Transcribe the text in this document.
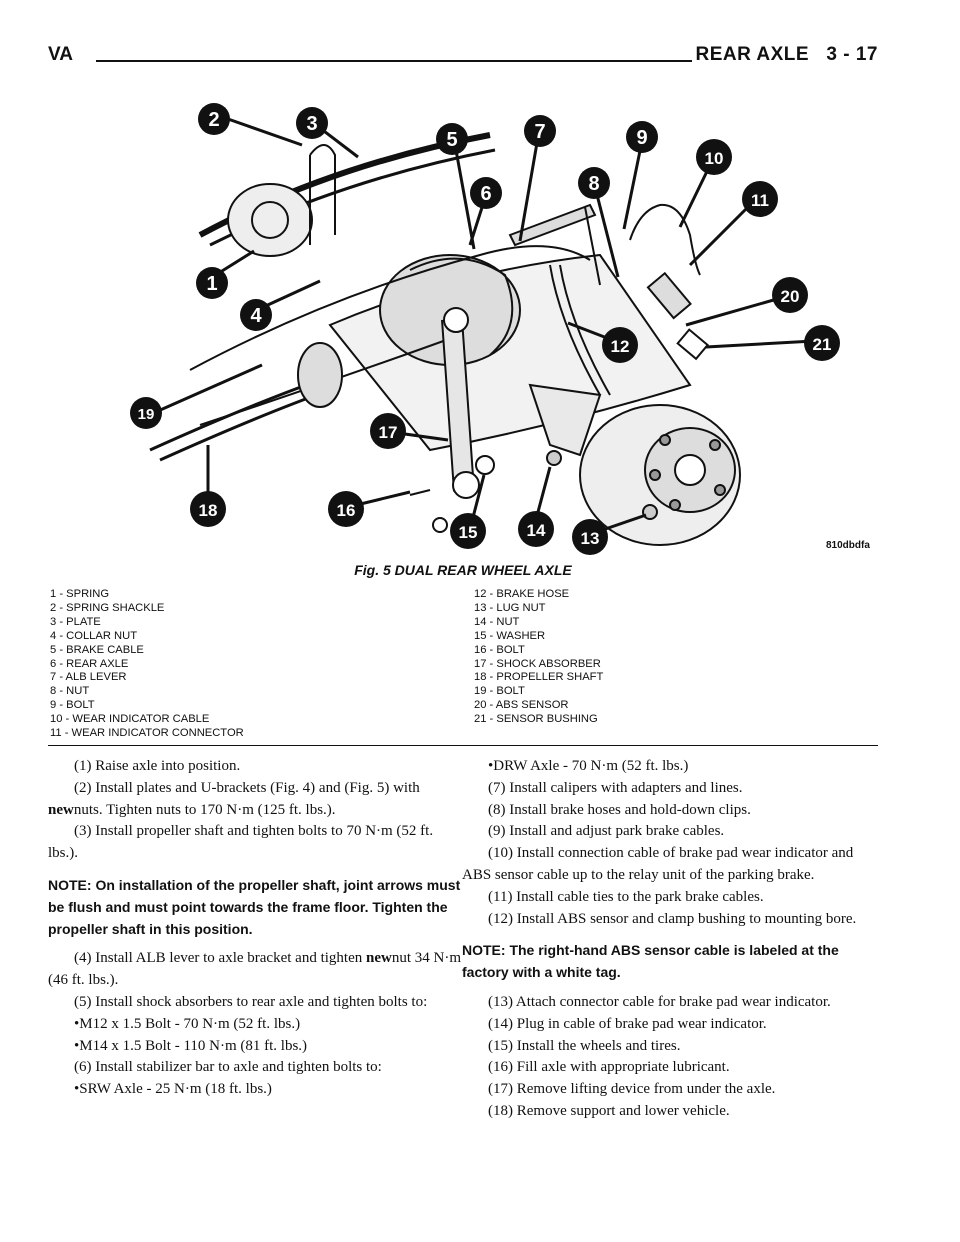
VA	REAR AXLE   3 - 17
1
2	3
4
5
6
7
8
9
10
11
12
13
14
15
16
17
18
19
20
21
810dbdfa
Fig. 5 DUAL REAR WHEEL AXLE
1 - SPRING
2 - SPRING SHACKLE
3 - PLATE
4 - COLLAR NUT
5 - BRAKE CABLE
6 - REAR AXLE
7 - ALB LEVER
8 - NUT
9 - BOLT
10 - WEAR INDICATOR CABLE
11 - WEAR INDICATOR CONNECTOR
12 - BRAKE HOSE
13 - LUG NUT
14 - NUT
15 - WASHER
16 - BOLT
17 - SHOCK ABSORBER
18 - PROPELLER SHAFT
19 - BOLT
20 - ABS SENSOR
21 - SENSOR BUSHING

(1) Raise axle into position.

(2) Install plates and U-brackets (Fig. 4) and (Fig. 5) with newnuts. Tighten nuts to 170 N·m (125 ft. lbs.).

(3) Install propeller shaft and tighten bolts to 70 N·m (52 ft. lbs.).

NOTE: On installation of the propeller shaft, joint arrows must be flush and must point towards the frame floor. Tighten the propeller shaft in this position.

(4) Install ALB lever to axle bracket and tighten newnut 34 N·m (46 ft. lbs.).

(5) Install shock absorbers to rear axle and tighten bolts to:

•M12 x 1.5 Bolt - 70 N·m (52 ft. lbs.)

•M14 x 1.5 Bolt - 110 N·m (81 ft. lbs.)

(6) Install stabilizer bar to axle and tighten bolts to:

•SRW Axle - 25 N·m (18 ft. lbs.)

•DRW Axle - 70 N·m (52 ft. lbs.)

(7) Install calipers with adapters and lines.

(8) Install brake hoses and hold-down clips.

(9) Install and adjust park brake cables.

(10) Install connection cable of brake pad wear indicator and ABS sensor cable up to the relay unit of the parking brake.

(11) Install cable ties to the park brake cables.

(12) Install ABS sensor and clamp bushing to mounting bore.

NOTE: The right-hand ABS sensor cable is labeled at the factory with a white tag.

(13) Attach connector cable for brake pad wear indicator.

(14) Plug in cable of brake pad wear indicator.

(15) Install the wheels and tires.

(16) Fill axle with appropriate lubricant.

(17) Remove lifting device from under the axle.

(18) Remove support and lower vehicle.
